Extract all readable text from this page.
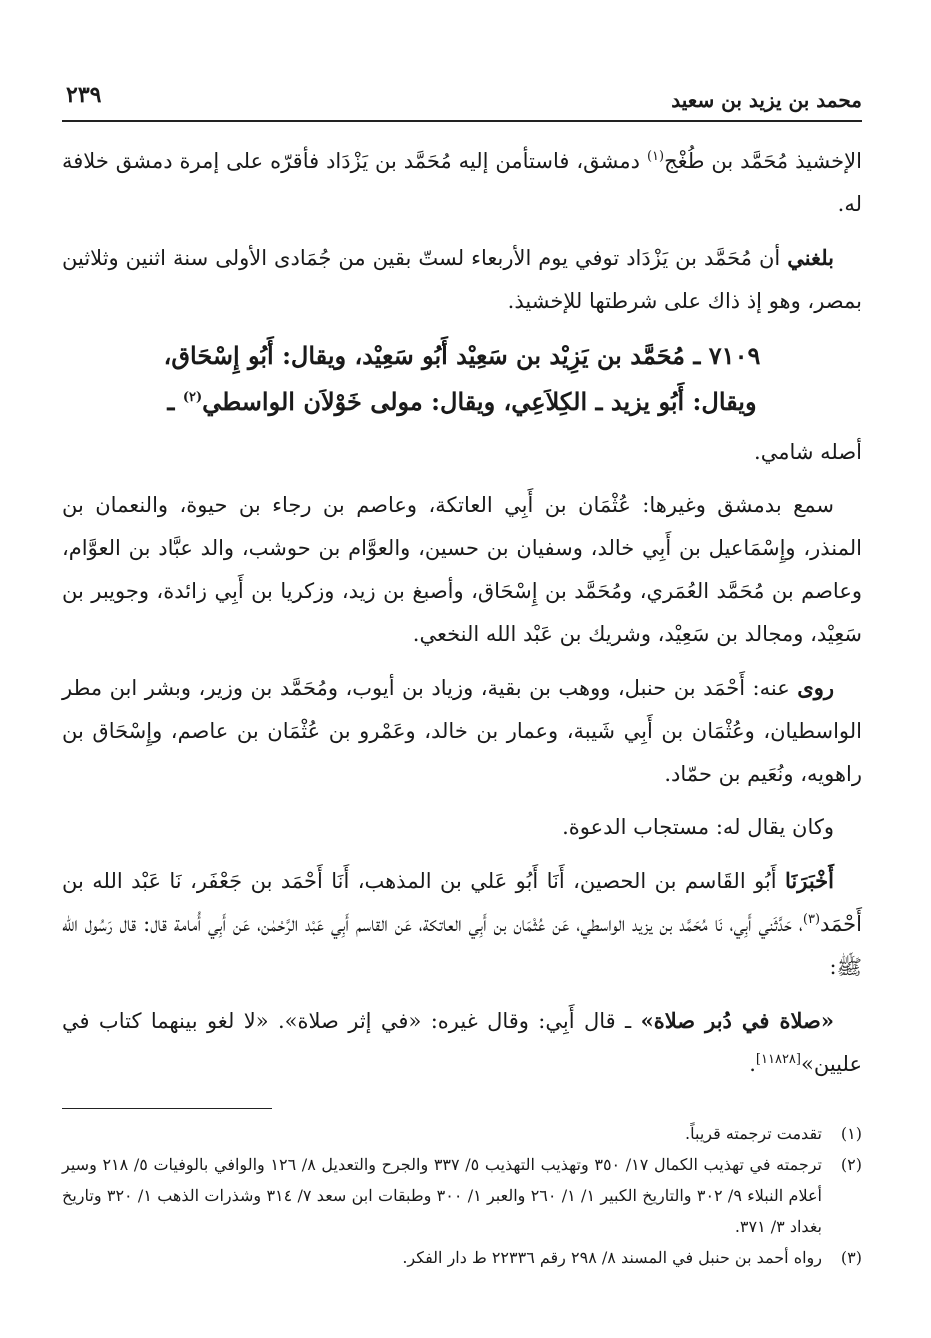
محمد بن يزيد بن سعيد
٢٣٩

الإخشيذ مُحَمَّد بن طُغْج$^{(١)}$ دمشق، فاستأمن إليه مُحَمَّد بن يَزْدَاد فأقرّه على إمرة دمشق خلافة له.

بلغني أن مُحَمَّد بن يَزْدَاد توفي يوم الأربعاء لستّ بقين من جُمَادى الأولى سنة اثنين وثلاثين بمصر، وهو إذ ذاك على شرطتها للإخشيذ.

٧١٠٩ ـ مُحَمَّد بن يَزِيْد بن سَعِيْد أَبُو سَعِيْد، ويقال: أَبُو إِسْحَاق،
ويقال: أَبُو يزيد ـ الكِلاَعِي، ويقال: مولى خَوْلاَن الواسطي$^{(٢)}$ ـ

أصله شامي.

سمع بدمشق وغيرها: عُثْمَان بن أَبِي العاتكة، وعاصم بن رجاء بن حيوة، والنعمان بن المنذر، وإِسْمَاعيل بن أَبِي خالد، وسفيان بن حسين، والعوَّام بن حوشب، والد عبَّاد بن العوَّام، وعاصم بن مُحَمَّد العُمَري، ومُحَمَّد بن إِسْحَاق، وأصبغ بن زيد، وزكريا بن أَبِي زائدة، وجويبر بن سَعِيْد، ومجالد بن سَعِيْد، وشريك بن عَبْد الله النخعي.

روى عنه: أَحْمَد بن حنبل، ووهب بن بقية، وزياد بن أيوب، ومُحَمَّد بن وزير، وبشر ابن مطر الواسطيان، وعُثْمَان بن أَبِي شَيبة، وعمار بن خالد، وعَمْرو بن عُثْمَان بن عاصم، وإِسْحَاق بن راهويه، ونُعَيم بن حمّاد.

وكان يقال له: مستجاب الدعوة.

أَخْبَرَنَا أَبُو القَاسم بن الحصين، أَنَا أَبُو عَلي بن المذهب، أَنَا أَحْمَد بن جَعْفَر، نَا عَبْد الله بن أَحْمَد$^{(٣)}$، حَدَّثَني أَبِي، نَا مُحَمَّد بن يزيد الواسطي، عَن عُثْمَان بن أَبِي العاتكة، عَن القاسم أَبِي عَبْد الرَّحْمٰن، عَن أَبِي أُمامة قال: قال رَسُول الله ﷺ:

«صلاة في دُبر صلاة» ـ قال أَبِي: وقال غيره: «في إثر صلاة». «لا لغو بينهما كتاب في عليين»[١١٨٢٨].

(١)
تقدمت ترجمته قريباً.
(٢)
ترجمته في تهذيب الكمال ١٧/ ٣٥٠ وتهذيب التهذيب ٥/ ٣٣٧ والجرح والتعديل ٨/ ١٢٦ والوافي بالوفيات ٥/ ٢١٨ وسير أعلام النبلاء ٩/ ٣٠٢ والتاريخ الكبير ١/ ١/ ٢٦٠ والعبر ١/ ٣٠٠ وطبقات ابن سعد ٧/ ٣١٤ وشذرات الذهب ١/ ٣٢٠ وتاريخ بغداد ٣/ ٣٧١.
(٣)
رواه أحمد بن حنبل في المسند ٨/ ٢٩٨ رقم ٢٢٣٣٦ ط دار الفكر.
